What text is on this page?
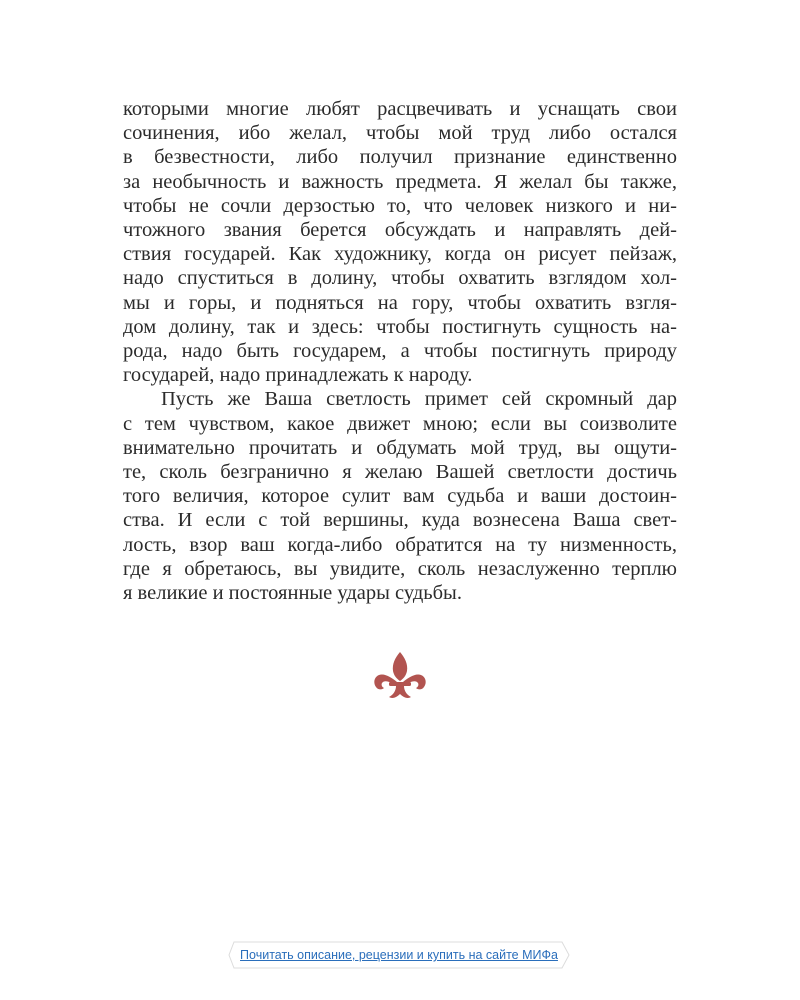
которыми многие любят расцвечивать и уснащать свои
сочинения, ибо желал, чтобы мой труд либо остался
в безвестности, либо получил признание единственно
за необычность и важность предмета. Я желал бы также,
чтобы не сочли дерзостью то, что человек низкого и ни-
чтожного звания берется обсуждать и направлять дей-
ствия государей. Как художнику, когда он рисует пейзаж,
надо спуститься в долину, чтобы охватить взглядом хол-
мы и горы, и подняться на гору, чтобы охватить взгля-
дом долину, так и здесь: чтобы постигнуть сущность на-
рода, надо быть государем, а чтобы постигнуть природу
государей, надо принадлежать к народу.
Пусть же Ваша светлость примет сей скромный дар
с тем чувством, какое движет мною; если вы соизволите
внимательно прочитать и обдумать мой труд, вы ощути-
те, сколь безгранично я желаю Вашей светлости достичь
того величия, которое сулит вам судьба и ваши достоин-
ства. И если с той вершины, куда вознесена Ваша свет-
лость, взор ваш когда-либо обратится на ту низменность,
где я обретаюсь, вы увидите, сколь незаслуженно терплю
я великие и постоянные удары судьбы.
Почитать описание, рецензии и купить на сайте МИФа
